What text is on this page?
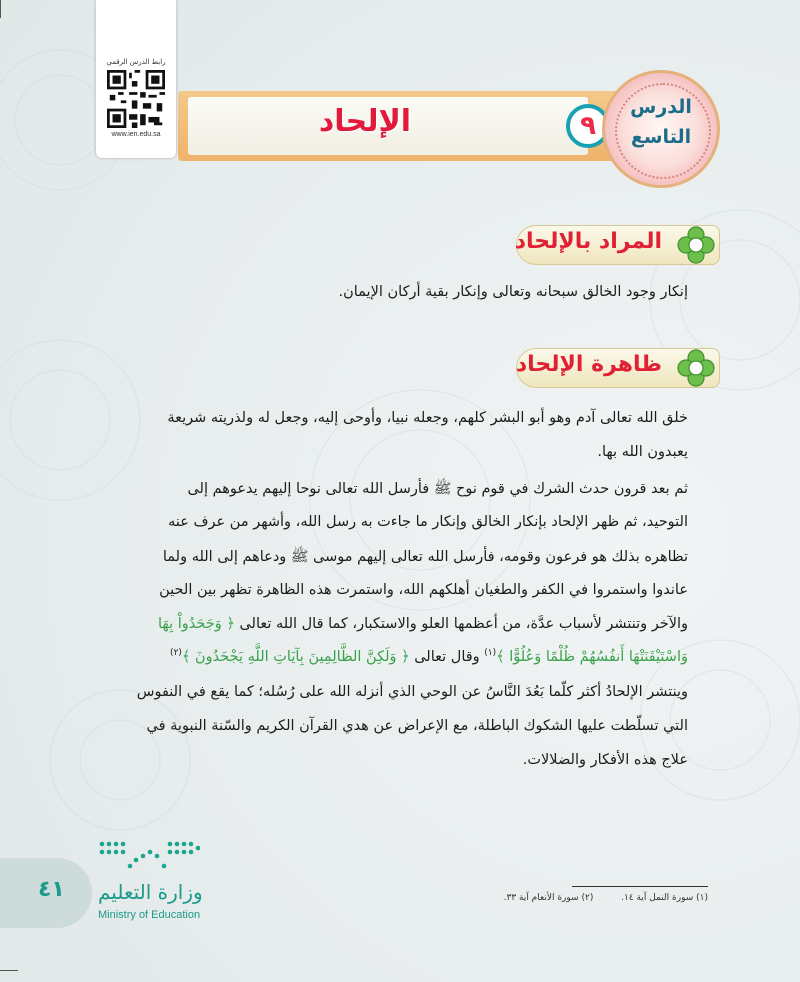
رابط الدرس الرقمي
www.ien.edu.sa	الإلحاد	٩
الدرس
التاسع
المراد بالإلحاد
إنكار وجود الخالق سبحانه وتعالى وإنكار بقية أركان الإيمان.
ظاهرة الإلحاد
خلق الله تعالى آدم وهو أبو البشر كلهم، وجعله نبيا، وأوحى إليه، وجعل له ولذريته شريعة
يعبدون الله بها.
ثم بعد قرون حدث الشرك في قوم نوح ﷺ فأرسل الله تعالى نوحا إليهم يدعوهم إلى
التوحيد، ثم ظهر الإلحاد بإنكار الخالق وإنكار ما جاءت به رسل الله، وأشهر من عرف عنه
تظاهره بذلك هو فرعون وقومه، فأرسل الله تعالى إليهم موسى ﷺ ودعاهم إلى الله ولما
عاندوا واستمروا في الكفر والطغيان أهلكهم الله، واستمرت هذه الظاهرة تظهر بين الحين
والآخر وتنتشر لأسباب عدَّة، من أعظمها العلو والاستكبار، كما قال الله تعالى ﴿ وَجَحَدُواْ بِهَا
وَاسْتَيْقَنَتْهَا أَنفُسُهُمْ ظُلْمًا وَعُلُوًّا ﴾$^{(١)}$ وقال تعالى ﴿ وَلَكِنَّ الظَّالِمِينَ بِآيَاتِ اللَّهِ يَجْحَدُونَ ﴾$^{(٢)}$
وينتشر الإلحادُ أكثر كلّما بَعُدَ النَّاسُ عن الوحي الذي أنزله الله على رُسُله؛ كما يقع في النفوس
التي تسلّطت عليها الشكوك الباطلة، مع الإعراض عن هدي القرآن الكريم والسّنة النبوية في
علاج هذه الأفكار والضلالات.
٤١ وزارة التعليم
Ministry of Education
(١) سورة النمل آية ١٤.  (٢) سورة الأنعام آية ٣٣.
